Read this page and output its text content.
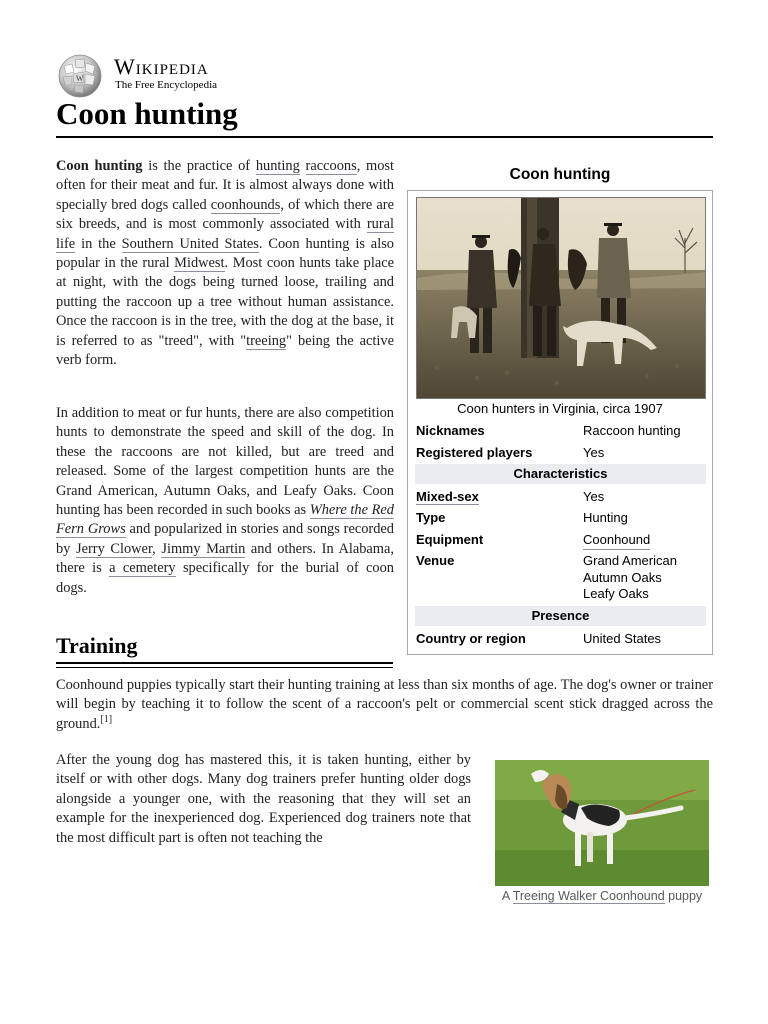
W Wikipedia
The Free Encyclopedia
Coon hunting

Coon hunting is the practice of hunting raccoons, most often for their meat and fur. It is almost always done with specially bred dogs called coonhounds, of which there are six breeds, and is most commonly associated with rural life in the Southern United States. Coon hunting is also popular in the rural Midwest. Most coon hunts take place at night, with the dogs being turned loose, trailing and putting the raccoon up a tree without human assistance. Once the raccoon is in the tree, with the dog at the base, it is referred to as "treed", with "treeing" being the active verb form.

In addition to meat or fur hunts, there are also competition hunts to demonstrate the speed and skill of the dog. In these the raccoons are not killed, but are treed and released. Some of the largest competition hunts are the Grand American, Autumn Oaks, and Leafy Oaks. Coon hunting has been recorded in such books as Where the Red Fern Grows and popularized in stories and songs recorded by Jerry Clower, Jimmy Martin and others. In Alabama, there is a cemetery specifically for the burial of coon dogs.

Coon hunting
Coon hunters in Virginia, circa 1907
Nicknames	Raccoon hunting
Registered players	Yes
Characteristics
Mixed-sex	Yes
Type	Hunting
Equipment	Coonhound
Venue	Grand American
Autumn Oaks
Leafy Oaks
Presence
Country or region	United States
Training

Coonhound puppies typically start their hunting training at less than six months of age. The dog's owner or trainer will begin by teaching it to follow the scent of a raccoon's pelt or commercial scent stick dragged across the ground.[1]

After the young dog has mastered this, it is taken hunting, either by itself or with other dogs. Many dog trainers prefer hunting older dogs alongside a younger one, with the reasoning that they will set an example for the inexperienced dog. Experienced dog trainers note that the most difficult part is often not teaching the

A Treeing Walker Coonhound puppy
